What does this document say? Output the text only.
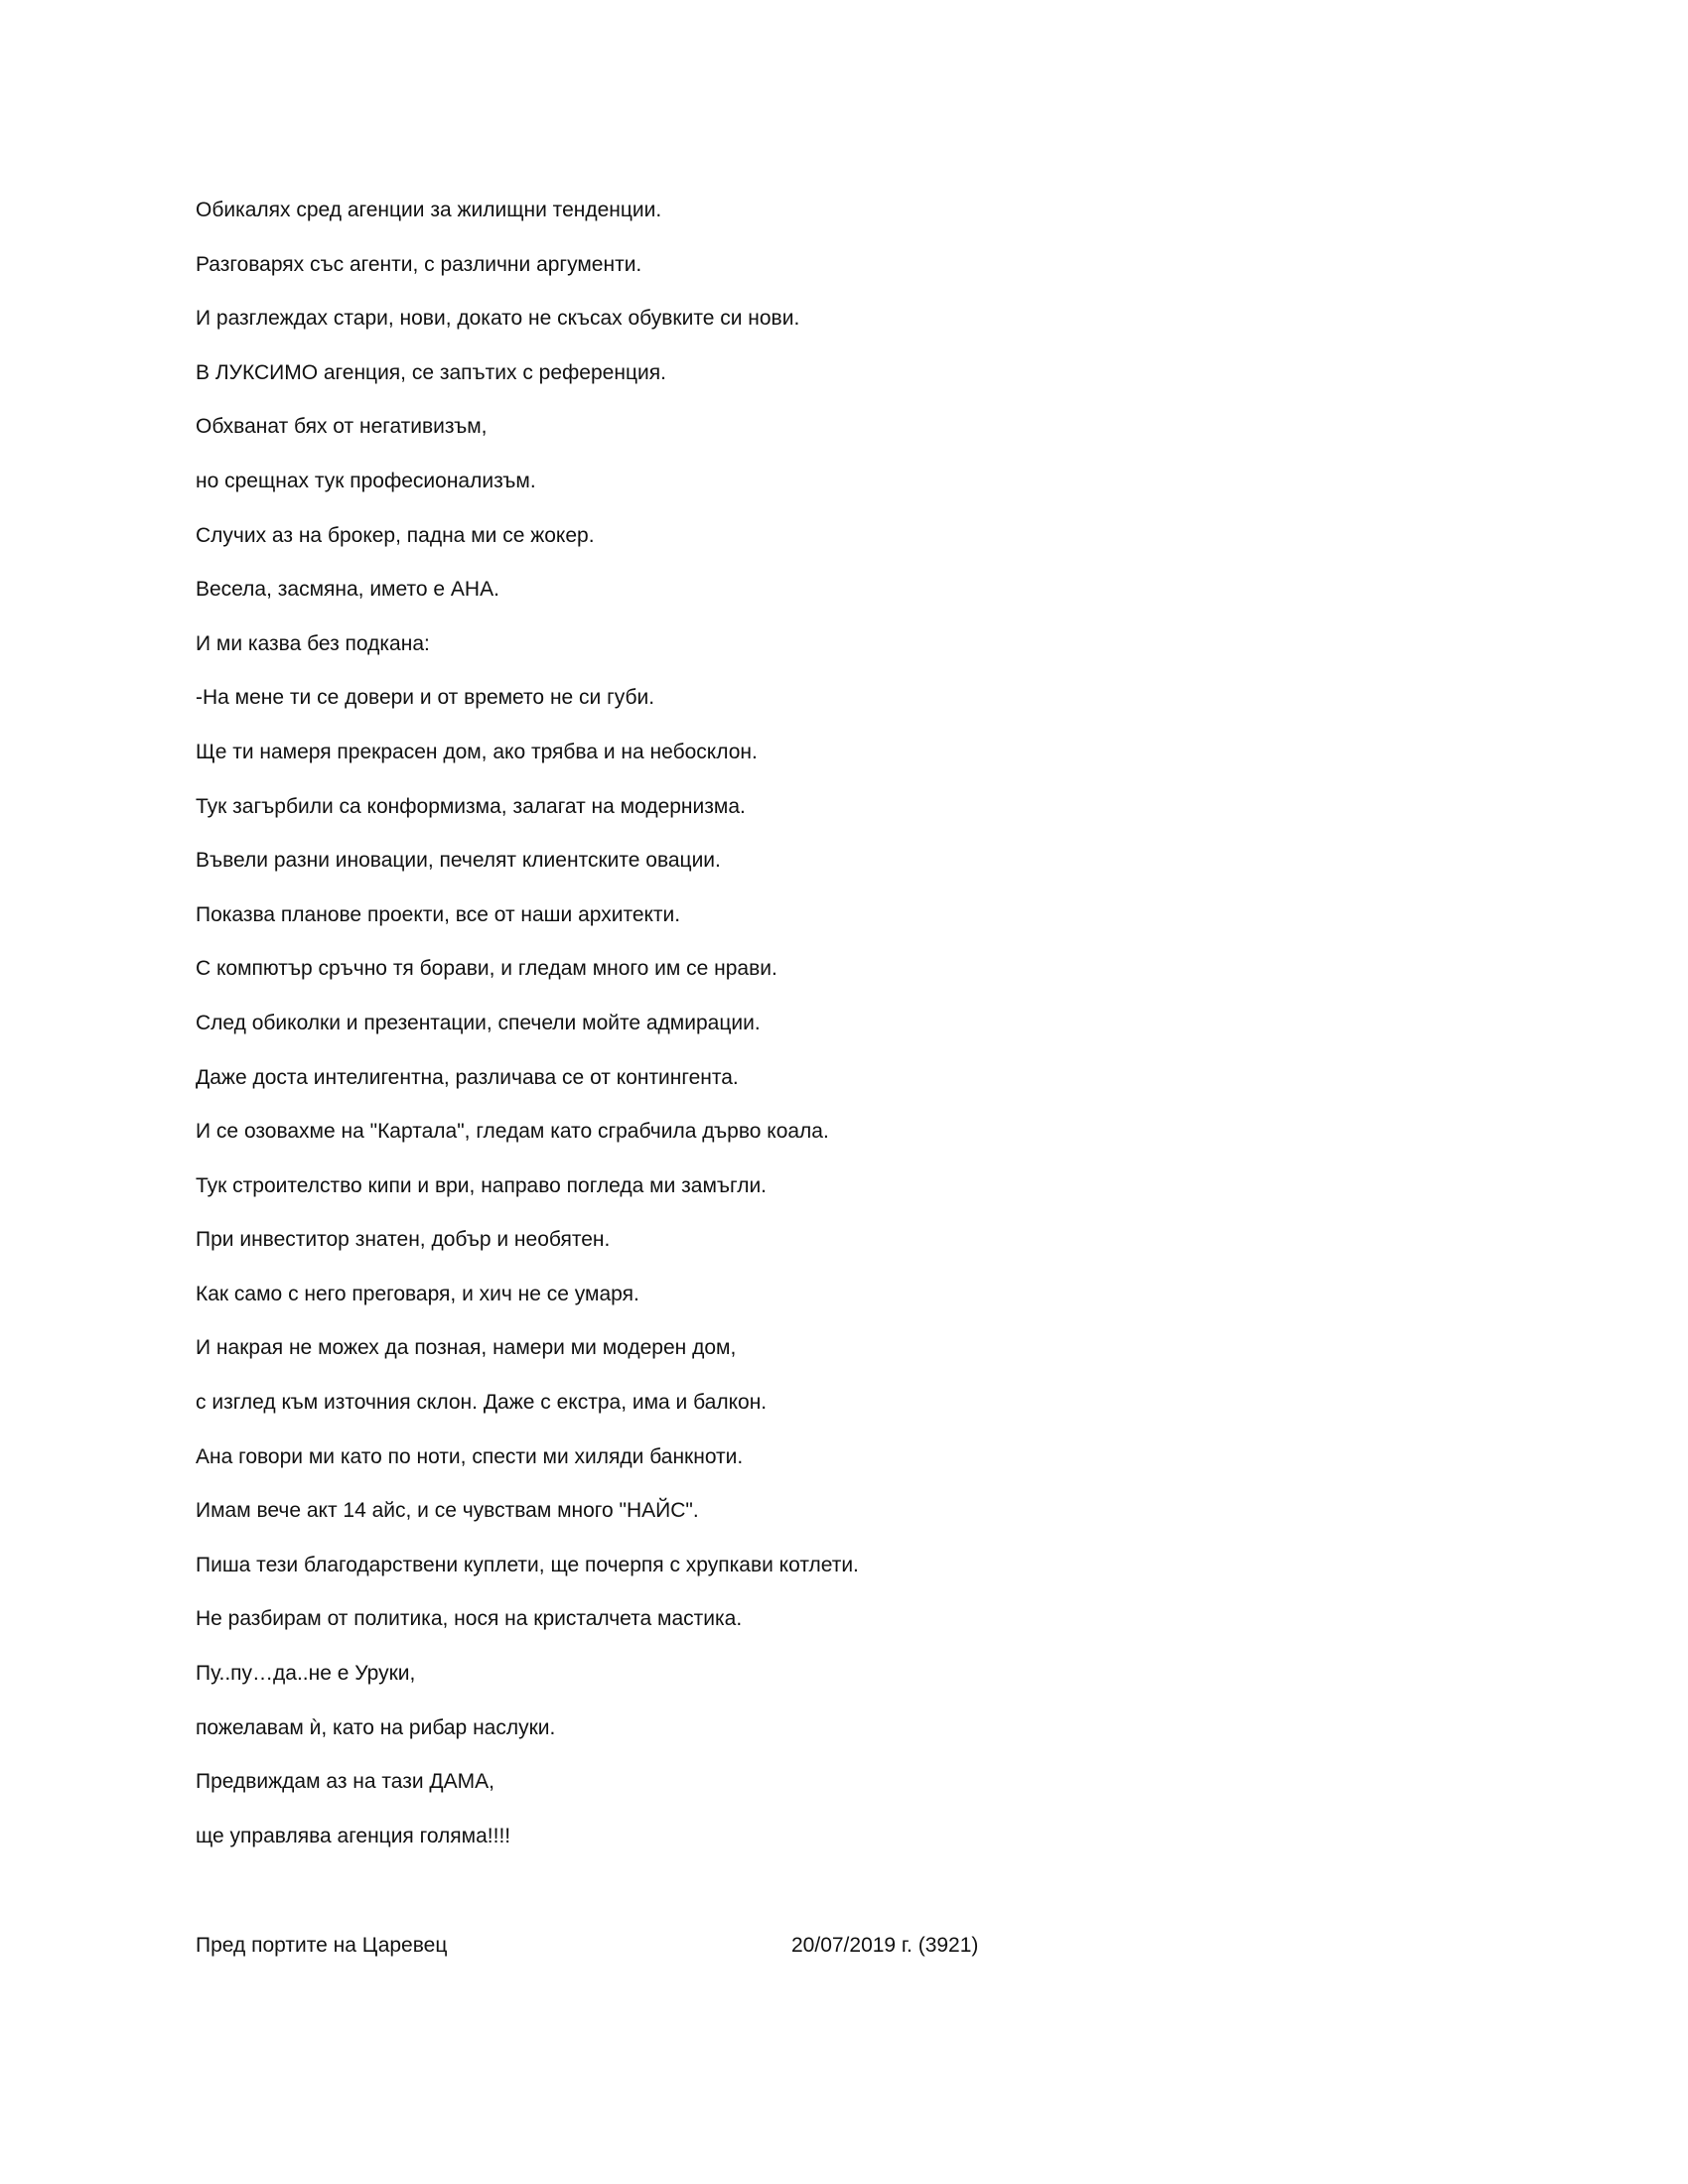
Обикалях сред агенции за жилищни тенденции.
Разговарях със агенти, с различни аргументи.
И разглеждах стари, нови, докато не скъсах обувките си нови.
В ЛУКСИМО агенция, се запътих с референция.
Обхванат бях от негативизъм,
но срещнах тук професионализъм.
Случих аз на брокер, падна ми се жокер.
Весела, засмяна, името е АНА.
И ми казва без подкана:
-На мене ти се довери и от времето не си губи.
Ще ти намеря прекрасен дом, ако трябва и на небосклон.
Тук загърбили са конформизма, залагат на модернизма.
Въвели разни иновации, печелят клиентските овации.
Показва планове проекти, все от наши архитекти.
С компютър сръчно тя борави, и гледам много им се нрави.
След обиколки и презентации, спечели мойте адмирации.
Даже доста интелигентна, различава се от контингента.
И се озовахме на "Картала", гледам като сграбчила дърво коала.
Тук строителство кипи и ври, направо погледа ми замъгли.
При инвеститор знатен, добър и необятен.
Как само с него преговаря, и хич не се умаря.
И накрая не можех да позная, намери ми модерен дом,
с изглед към източния склон. Даже с екстра, има и балкон.
Ана говори ми като по ноти, спести ми хиляди банкноти.
Имам вече акт 14 айс, и се чувствам много "НАЙС".
Пиша тези благодарствени куплети, ще почерпя с хрупкави котлети.
Не разбирам от политика, нося на кристалчета мастика.
Пу..пу…да..не е Уруки,
пожелавам ѝ, като на рибар наслуки.
Предвиждам аз на тази ДАМА,
ще управлява агенция голяма!!!!
Пред портите на Царевец	20/07/2019 г. (3921)
